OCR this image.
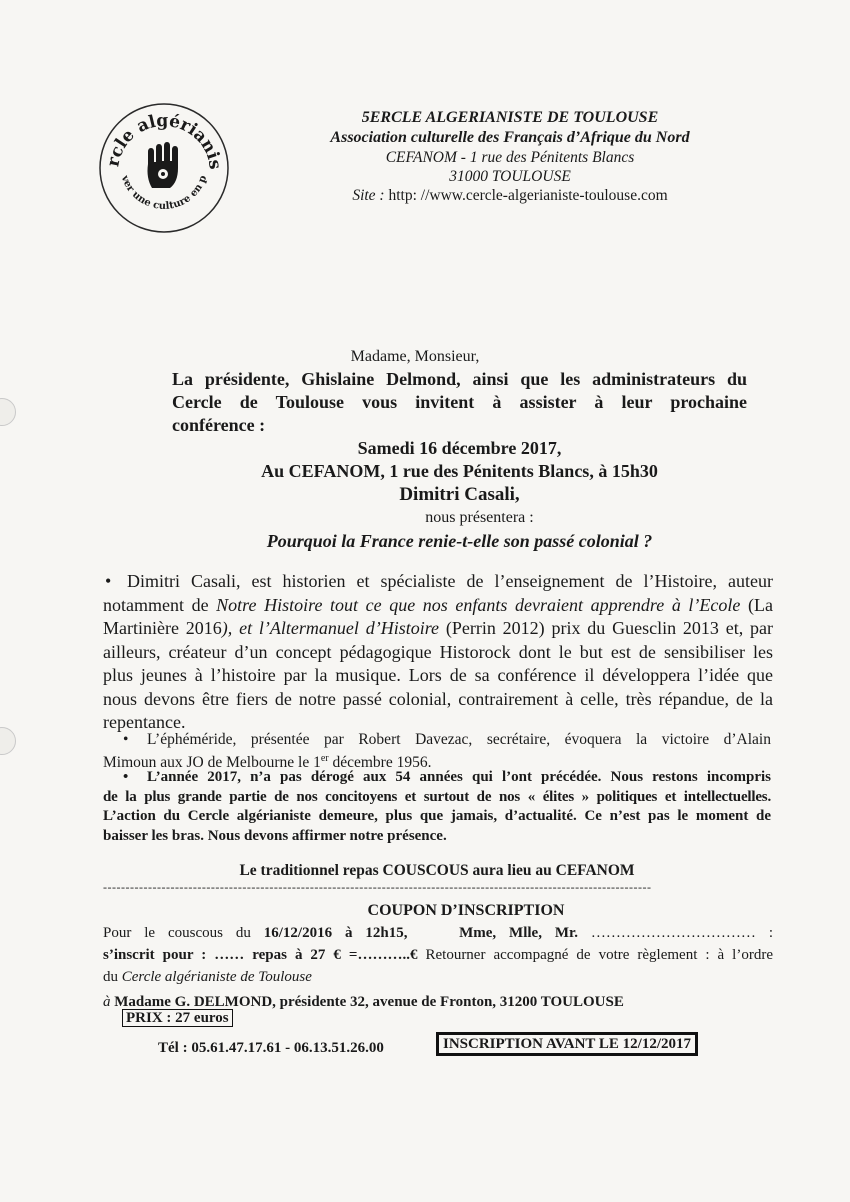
rcle algérianis
ver une culture en p
5ERCLE ALGERIANISTE DE TOULOUSE
Association culturelle des Français d’Afrique du Nord
CEFANOM - 1 rue des Pénitents Blancs
31000 TOULOUSE
Site : http: //www.cercle-algerianiste-toulouse.com
Madame, Monsieur,
La présidente, Ghislaine Delmond, ainsi que les administrateurs du
Cercle de Toulouse vous invitent à assister à leur prochaine
conférence :
Samedi 16 décembre 2017,
Au CEFANOM, 1 rue des Pénitents Blancs, à 15h30
Dimitri Casali,
nous présentera :
Pourquoi la France renie-t-elle son passé colonial ?
• Dimitri Casali, est historien et spécialiste de l’enseignement de l’Histoire, auteur
notamment de Notre Histoire tout ce que nos enfants devraient apprendre à l’Ecole (La
Martinière 2016), et l’Altermanuel d’Histoire (Perrin 2012) prix du Guesclin 2013 et, par
ailleurs, créateur d’un concept pédagogique Historock dont le but est de sensibiliser les
plus jeunes à l’histoire par la musique. Lors de sa conférence il développera l’idée que
nous devons être fiers de notre passé colonial, contrairement à celle, très répandue, de la
repentance.
• L’éphéméride, présentée par Robert Davezac, secrétaire, évoquera la victoire d’Alain
Mimoun aux JO de Melbourne le 1er décembre 1956.
• L’année 2017, n’a pas dérogé aux 54 années qui l’ont précédée. Nous restons incompris
de la plus grande partie de nos concitoyens et surtout de nos « élites » politiques et intellectuelles.
L’action du Cercle algérianiste demeure, plus que jamais, d’actualité. Ce n’est pas le moment de
baisser les bras. Nous devons affirmer notre présence.
Le traditionnel repas COUSCOUS aura lieu au CEFANOM
--------------------------------------------------------------------------------------------------------------------------
COUPON D’INSCRIPTION
Pour le couscous du 16/12/2016 à 12h15,	Mme, Mlle, Mr. …………………………… :
s’inscrit pour : …… repas à 27 € =………..€ Retourner accompagné de votre règlement : à l’ordre
du Cercle algérianiste de Toulouse
à Madame G. DELMOND, présidente 32, avenue de Fronton, 31200 TOULOUSE
PRIX : 27 euros
Tél : 05.61.47.17.61 - 06.13.51.26.00	INSCRIPTION AVANT LE 12/12/2017
